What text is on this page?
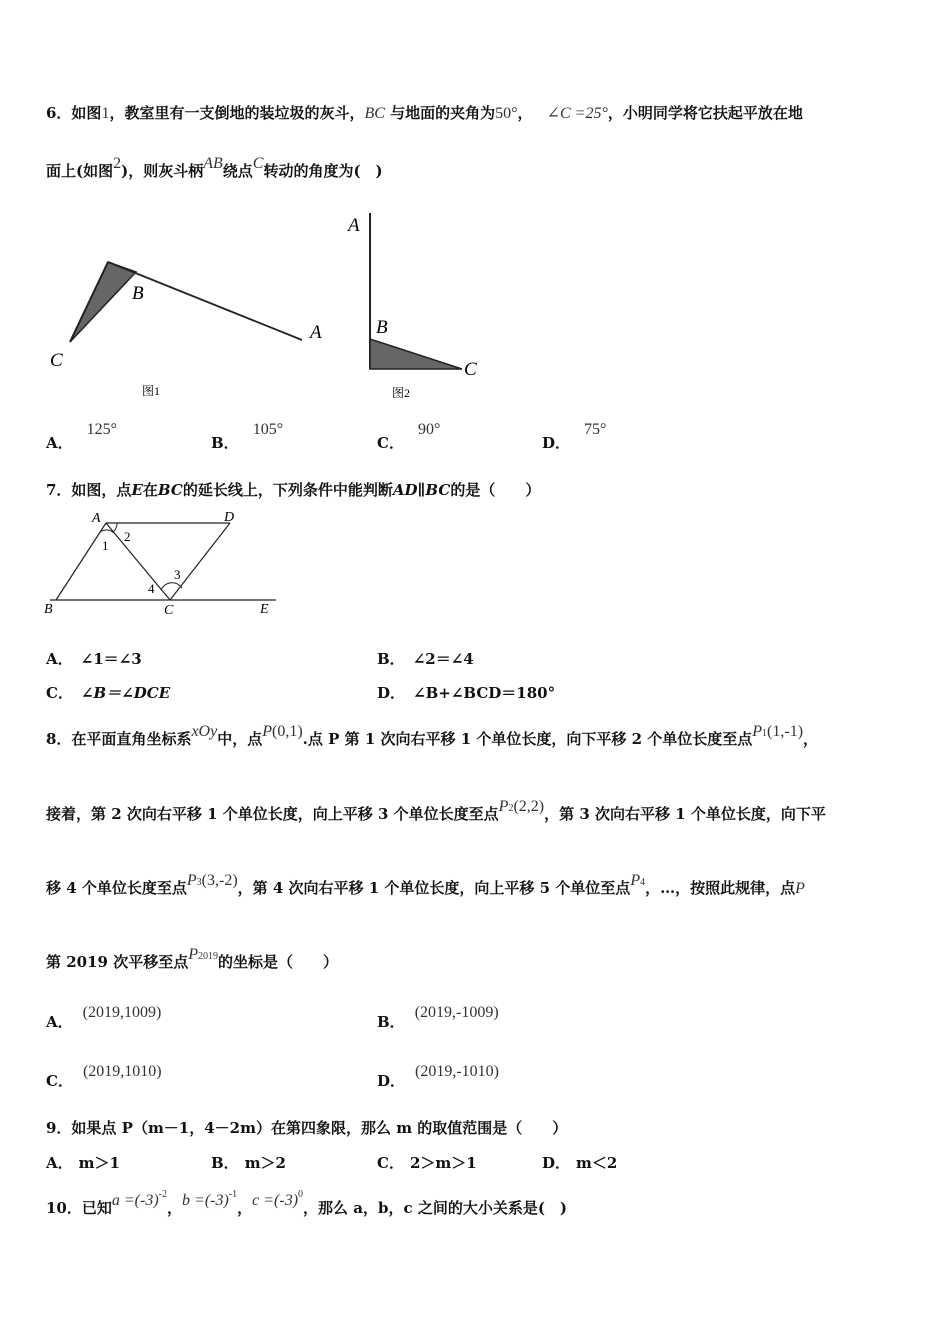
6．如图1，教室里有一支倒地的装垃圾的灰斗，BC 与地面的夹角为50°， ∠C =25°，小明同学将它扶起平放在地
面上(如图2)，则灰斗柄AB绕点C转动的角度为(　)
B
C
A
图1
A
B
C
图2
A．125°
B．105°
C．90°
D．75°
7．如图，点E在BC的延长线上，下列条件中能判断AD∥BC的是（　　）
A	D
B	C	E
1
2
3
4
A． ∠1＝∠3	B． ∠2＝∠4
C． ∠B＝∠DCE	D． ∠B+∠BCD＝180°
8．在平面直角坐标系xOy中，点P(0,1).点 P 第 1 次向右平移 1 个单位长度，向下平移 2 个单位长度至点$P^1(1,-1)$，
接着，第 2 次向右平移 1 个单位长度，向上平移 3 个单位长度至点$P^2(2,2)$，第 3 次向右平移 1 个单位长度，向下平
移 4 个单位长度至点$P^3(3,-2)$，第 4 次向右平移 1 个单位长度，向上平移 5 个单位至点$P^4$，…，按照此规律，点P
第 2019 次平移至点$P^{2019}$的坐标是（　　）
A．(2019,1009)
B．(2019,-1009)
C．(2019,1010)
D．(2019,-1010)
9．如果点 P（m－1，4－2m）在第四象限，那么 m 的取值范围是（　　）
A． m＞1	B． m＞2	C． 2＞m＞1	D． m＜2
10．已知$a =(-3)^{-2}$，$b =(-3)^{-1}$，$c =(-3)^0$，那么 a，b，c 之间的大小关系是(　)
